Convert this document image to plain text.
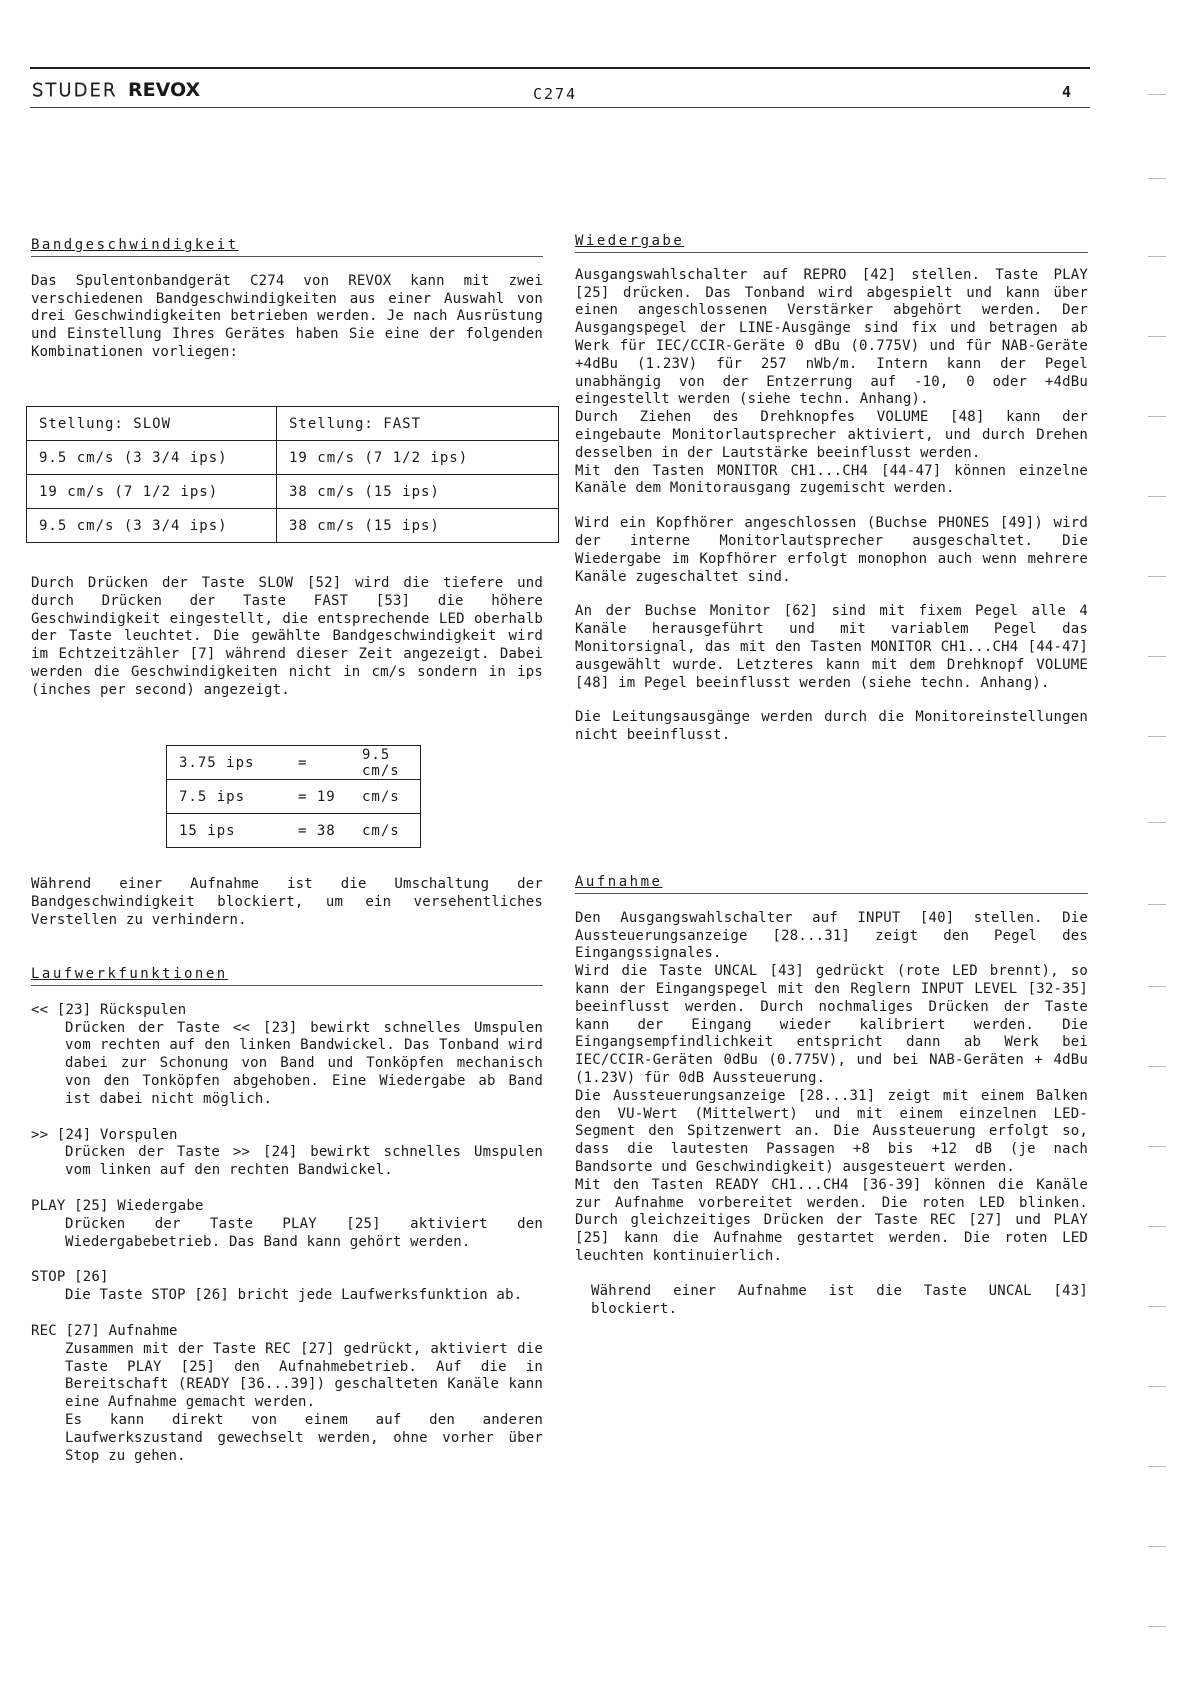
STUDER REVOX	C274	4
Bandgeschwindigkeit

Das Spulentonbandgerät C274 von REVOX kann mit zwei verschiedenen Bandgeschwindigkeiten aus einer Auswahl von drei Geschwindigkeiten betrieben werden. Je nach Ausrüstung und Einstellung Ihres Gerätes haben Sie eine der folgenden Kombinationen vorliegen:

Stellung: SLOW	Stellung: FAST
9.5 cm/s (3 3/4 ips)	19 cm/s (7 1/2 ips)
19 cm/s (7 1/2 ips)	38 cm/s (15 ips)
9.5 cm/s (3 3/4 ips)	38 cm/s (15 ips)

Durch Drücken der Taste SLOW [52] wird die tiefere und durch Drücken der Taste FAST [53] die höhere Geschwindigkeit eingestellt, die entsprechende LED oberhalb der Taste leuchtet. Die gewählte Bandgeschwindigkeit wird im Echtzeitzähler [7] während dieser Zeit angezeigt. Dabei werden die Geschwindigkeiten nicht in cm/s sondern in ips (inches per second) angezeigt.

3.75 ips	=	9.5 cm/s
7.5 ips	= 19	cm/s
15 ips	= 38	cm/s

Während einer Aufnahme ist die Umschaltung der Bandgeschwindigkeit blockiert, um ein versehentliches Verstellen zu verhindern.

Laufwerkfunktionen
<< [23] Rückspulen

Drücken der Taste << [23] bewirkt schnelles Umspulen vom rechten auf den linken Bandwickel. Das Tonband wird dabei zur Schonung von Band und Tonköpfen mechanisch von den Tonköpfen abgehoben. Eine Wiedergabe ab Band ist dabei nicht möglich.

>> [24] Vorspulen

Drücken der Taste >> [24] bewirkt schnelles Umspulen vom linken auf den rechten Bandwickel.

PLAY [25] Wiedergabe

Drücken der Taste PLAY [25] aktiviert den Wiedergabebetrieb. Das Band kann gehört werden.

STOP [26]

Die Taste STOP [26] bricht jede Laufwerksfunktion ab.

REC [27] Aufnahme

Zusammen mit der Taste REC [27] gedrückt, aktiviert die Taste PLAY [25] den Aufnahmebetrieb. Auf die in Bereitschaft (READY [36...39]) geschalteten Kanäle kann eine Aufnahme gemacht werden.

Es kann direkt von einem auf den anderen Laufwerkszustand gewechselt werden, ohne vorher über Stop zu gehen.

Wiedergabe

Ausgangswahlschalter auf REPRO [42] stellen. Taste PLAY [25] drücken. Das Tonband wird abgespielt und kann über einen angeschlossenen Verstärker abgehört werden. Der Ausgangspegel der LINE-Ausgänge sind fix und betragen ab Werk für IEC/CCIR-Geräte 0 dBu (0.775V) und für NAB-Geräte +4dBu (1.23V) für 257 nWb/m. Intern kann der Pegel unabhängig von der Entzerrung auf -10, 0 oder +4dBu eingestellt werden (siehe techn. Anhang).

Durch Ziehen des Drehknopfes VOLUME [48] kann der eingebaute Monitorlautsprecher aktiviert, und durch Drehen desselben in der Lautstärke beeinflusst werden.

Mit den Tasten MONITOR CH1...CH4 [44-47] können einzelne Kanäle dem Monitorausgang zugemischt werden.

Wird ein Kopfhörer angeschlossen (Buchse PHONES [49]) wird der interne Monitorlautsprecher ausgeschaltet. Die Wiedergabe im Kopfhörer erfolgt monophon auch wenn mehrere Kanäle zugeschaltet sind.

An der Buchse Monitor [62] sind mit fixem Pegel alle 4 Kanäle herausgeführt und mit variablem Pegel das Monitorsignal, das mit den Tasten MONITOR CH1...CH4 [44-47] ausgewählt wurde. Letzteres kann mit dem Drehknopf VOLUME [48] im Pegel beeinflusst werden (siehe techn. Anhang).

Die Leitungsausgänge werden durch die Monitoreinstellungen nicht beeinflusst.

Aufnahme

Den Ausgangswahlschalter auf INPUT [40] stellen. Die Aussteuerungsanzeige [28...31] zeigt den Pegel des Eingangssignales.

Wird die Taste UNCAL [43] gedrückt (rote LED brennt), so kann der Eingangspegel mit den Reglern INPUT LEVEL [32-35] beeinflusst werden. Durch nochmaliges Drücken der Taste kann der Eingang wieder kalibriert werden. Die Eingangsempfindlichkeit entspricht dann ab Werk bei IEC/CCIR-Geräten 0dBu (0.775V), und bei NAB-Geräten + 4dBu (1.23V) für 0dB Aussteuerung.

Die Aussteuerungsanzeige [28...31] zeigt mit einem Balken den VU-Wert (Mittelwert) und mit einem einzelnen LED-Segment den Spitzenwert an. Die Aussteuerung erfolgt so, dass die lautesten Passagen +8 bis +12 dB (je nach Bandsorte und Geschwindigkeit) ausgesteuert werden.

Mit den Tasten READY CH1...CH4 [36-39] können die Kanäle zur Aufnahme vorbereitet werden. Die roten LED blinken. Durch gleichzeitiges Drücken der Taste REC [27] und PLAY [25] kann die Aufnahme gestartet werden. Die roten LED leuchten kontinuierlich.

Während einer Aufnahme ist die Taste UNCAL [43] blockiert.
